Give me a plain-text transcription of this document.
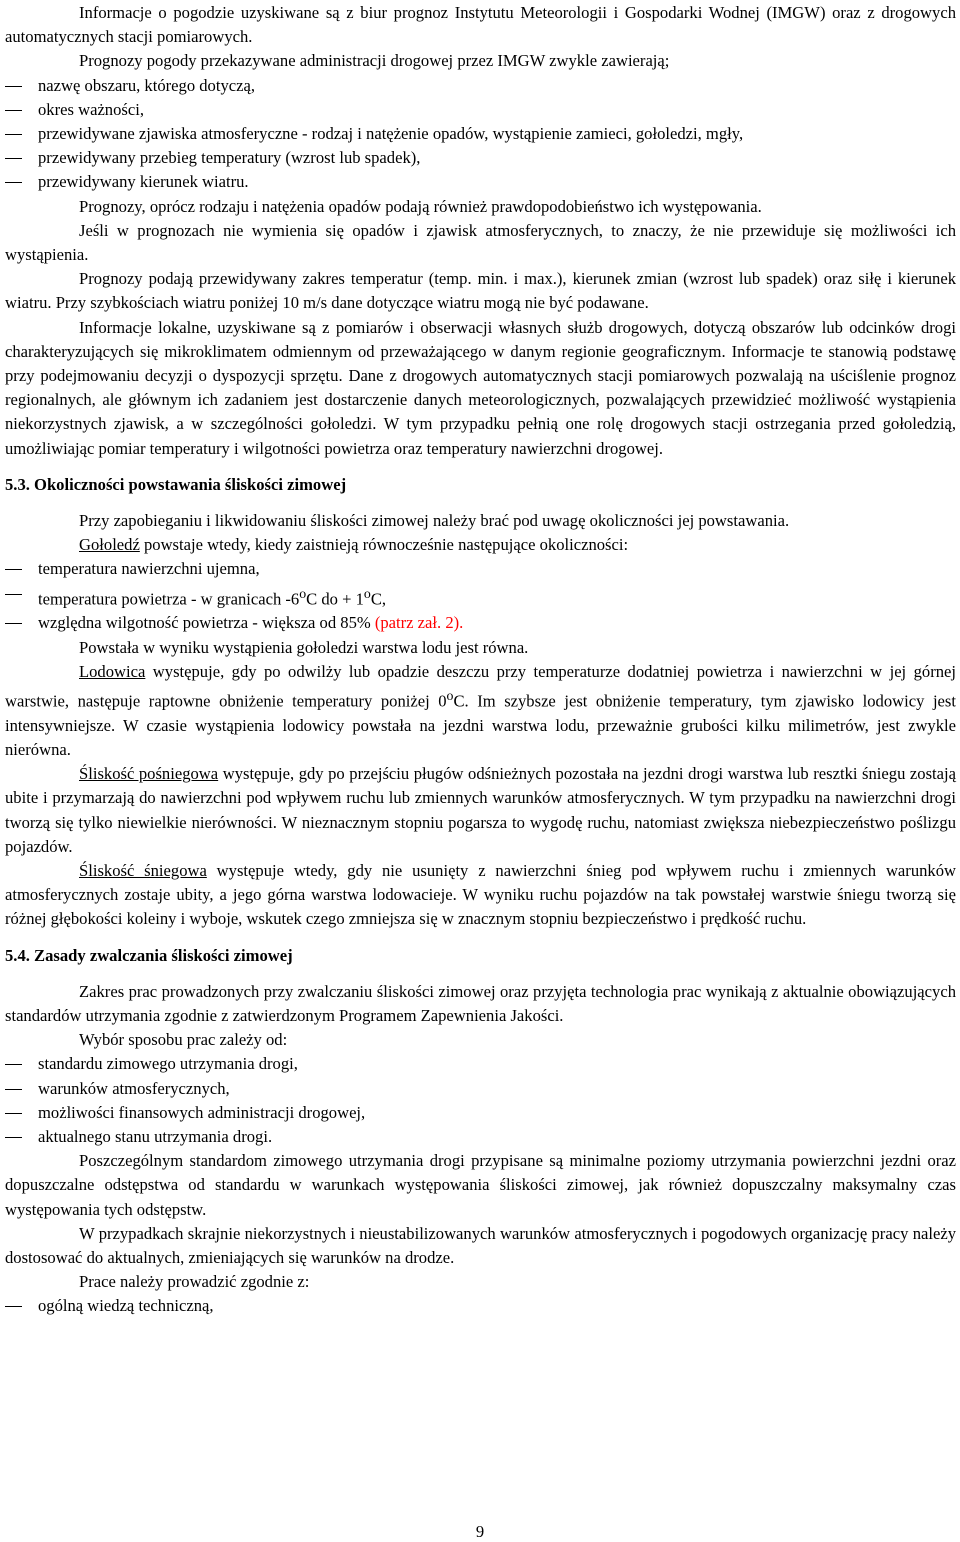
Informacje o pogodzie uzyskiwane są z biur prognoz Instytutu Meteorologii i Gospodarki Wodnej (IMGW) oraz z drogowych automatycznych stacji pomiarowych.

Prognozy pogody przekazywane administracji drogowej przez IMGW zwykle zawierają;

nazwę obszaru, którego dotyczą,
okres ważności,
przewidywane zjawiska atmosferyczne - rodzaj i natężenie opadów, wystąpienie zamieci, gołoledzi, mgły,
przewidywany przebieg temperatury (wzrost lub spadek),
przewidywany kierunek wiatru.

Prognozy, oprócz rodzaju i natężenia opadów podają również prawdopodobieństwo ich występowania.

Jeśli w prognozach nie wymienia się opadów i zjawisk atmosferycznych, to znaczy, że nie przewiduje się możliwości ich wystąpienia.

Prognozy podają przewidywany zakres temperatur (temp. min. i max.), kierunek zmian (wzrost lub spadek) oraz siłę i kierunek wiatru. Przy szybkościach wiatru poniżej 10 m/s dane dotyczące wiatru mogą nie być podawane.

Informacje lokalne, uzyskiwane są z pomiarów i obserwacji własnych służb drogowych, dotyczą obszarów lub odcinków drogi charakteryzujących się mikroklimatem odmiennym od przeważającego w danym regionie geograficznym. Informacje te stanowią podstawę przy podejmowaniu decyzji o dyspozycji sprzętu. Dane z drogowych automatycznych stacji pomiarowych pozwalają na uściślenie prognoz regionalnych, ale głównym ich zadaniem jest dostarczenie danych meteorologicznych, pozwalających przewidzieć możliwość wystąpienia niekorzystnych zjawisk, a w szczególności gołoledzi. W tym przypadku pełnią one rolę drogowych stacji ostrzegania przed gołoledzią, umożliwiając pomiar temperatury i wilgotności powietrza oraz temperatury nawierzchni drogowej.

5.3. Okoliczności powstawania śliskości zimowej

Przy zapobieganiu i likwidowaniu śliskości zimowej należy brać pod uwagę okoliczności jej powstawania.

Gołoledź powstaje wtedy, kiedy zaistnieją równocześnie następujące okoliczności:

temperatura nawierzchni ujemna,
temperatura powietrza - w granicach -6$^o$C do + $1^oC$,
względna wilgotność powietrza - większa od 85% (patrz zał. 2).

Powstała w wyniku wystąpienia gołoledzi warstwa lodu jest równa.

Lodowica występuje, gdy po odwilży lub opadzie deszczu przy temperaturze dodatniej powietrza i nawierzchni w jej górnej warstwie, następuje raptowne obniżenie temperatury poniżej 0$^o$C. Im szybsze jest obniżenie temperatury, tym zjawisko lodowicy jest intensywniejsze. W czasie wystąpienia lodowicy powstała na jezdni warstwa lodu, przeważnie grubości kilku milimetrów, jest zwykle nierówna.

Śliskość pośniegowa występuje, gdy po przejściu pługów odśnieżnych pozostała na jezdni drogi warstwa lub resztki śniegu zostają ubite i przymarzają do nawierzchni pod wpływem ruchu lub zmiennych warunków atmosferycznych. W tym przypadku na nawierzchni drogi tworzą się tylko niewielkie nierówności. W nieznacznym stopniu pogarsza to wygodę ruchu, natomiast zwiększa niebezpieczeństwo poślizgu pojazdów.

Śliskość śniegowa występuje wtedy, gdy nie usunięty z nawierzchni śnieg pod wpływem ruchu i zmiennych warunków atmosferycznych zostaje ubity, a jego górna warstwa lodowacieje. W wyniku ruchu pojazdów na tak powstałej warstwie śniegu tworzą się różnej głębokości koleiny i wyboje, wskutek czego zmniejsza się w znacznym stopniu bezpieczeństwo i prędkość ruchu.

5.4. Zasady zwalczania śliskości zimowej

Zakres prac prowadzonych przy zwalczaniu śliskości zimowej oraz przyjęta technologia prac wynikają z aktualnie obowiązujących standardów utrzymania zgodnie z zatwierdzonym Programem Zapewnienia Jakości.

Wybór sposobu prac zależy od:

standardu zimowego utrzymania drogi,
warunków atmosferycznych,
możliwości finansowych administracji drogowej,
aktualnego stanu utrzymania drogi.

Poszczególnym standardom zimowego utrzymania drogi przypisane są minimalne poziomy utrzymania powierzchni jezdni oraz dopuszczalne odstępstwa od standardu w warunkach występowania śliskości zimowej, jak również dopuszczalny maksymalny czas występowania tych odstępstw.

W przypadkach skrajnie niekorzystnych i nieustabilizowanych warunków atmosferycznych i pogodowych organizację pracy należy dostosować do aktualnych, zmieniających się warunków na drodze.

Prace należy prowadzić zgodnie z:

ogólną wiedzą techniczną,
9
